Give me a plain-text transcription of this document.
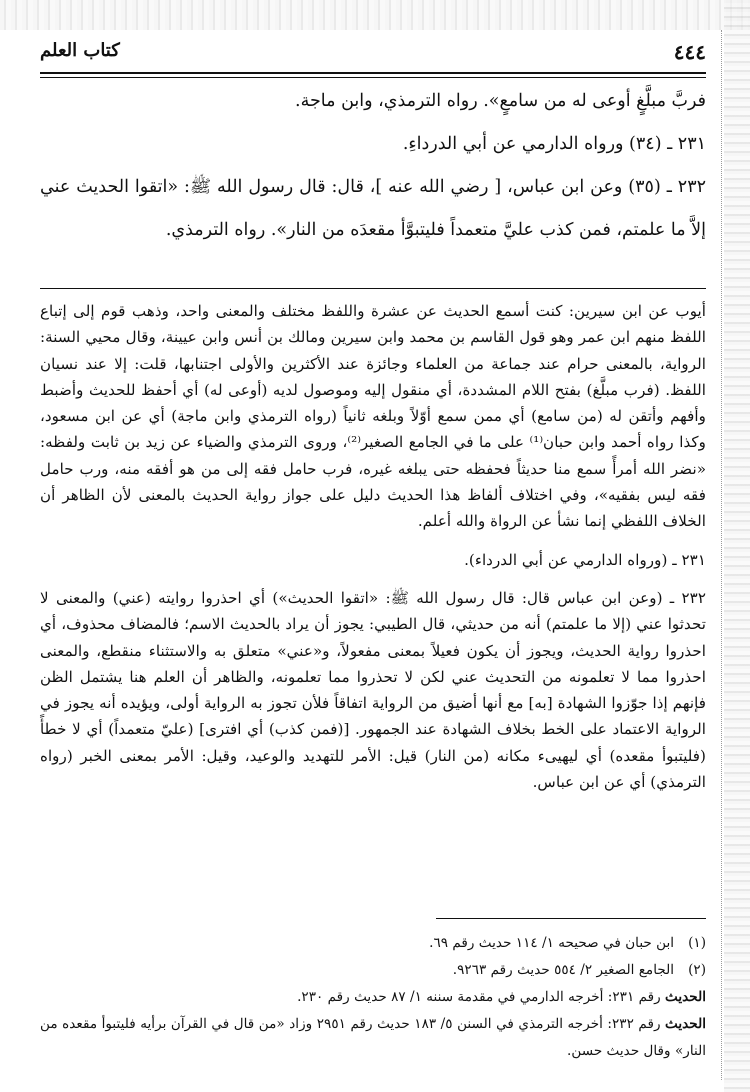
٤٤٤
كتاب العلم

فربَّ مبلَّغٍ أوعى له من سامعٍ». رواه الترمذي، وابن ماجة.

٢٣١ ـ (٣٤) ورواه الدارمي عن أبي الدرداءِ.

٢٣٢ ـ (٣٥) وعن ابن عباس، [ رضي الله عنه ]، قال: قال رسول الله ﷺ: «اتقوا الحديث عني إلاَّ ما علمتم، فمن كذب عليَّ متعمداً فليتبوَّأ مقعدَه من النار». رواه الترمذي.

أيوب عن ابن سيرين: كنت أسمع الحديث عن عشرة واللفظ مختلف والمعنى واحد، وذهب قوم إلى إتباع اللفظ منهم ابن عمر وهو قول القاسم بن محمد وابن سيرين ومالك بن أنس وابن عيينة، وقال محيي السنة: الرواية، بالمعنى حرام عند جماعة من العلماء وجائزة عند الأكثرين والأولى اجتنابها، قلت: إلا عند نسيان اللفظ. (فرب مبلَّغ) بفتح اللام المشددة، أي منقول إليه وموصول لديه (أوعى له) أي أحفظ للحديث وأضبط وأفهم وأتقن له (من سامع) أي ممن سمع أوّلاً وبلغه ثانياً (رواه الترمذي وابن ماجة) أي عن ابن مسعود، وكذا رواه أحمد وابن حبان⁽¹⁾ على ما في الجامع الصغير⁽²⁾، وروى الترمذي والضياء عن زيد بن ثابت ولفظه: «نضر الله أمرأً سمع منا حديثاً فحفظه حتى يبلغه غيره، فرب حامل فقه إلى من هو أفقه منه، ورب حامل فقه ليس بفقيه»، وفي اختلاف ألفاظ هذا الحديث دليل على جواز رواية الحديث بالمعنى لأن الظاهر أن الخلاف اللفظي إنما نشأ عن الرواة والله أعلم.

٢٣١ ـ (ورواه الدارمي عن أبي الدرداء).

٢٣٢ ـ (وعن ابن عباس قال: قال رسول الله ﷺ: «اتقوا الحديث») أي احذروا روايته (عني) والمعنى لا تحدثوا عني (إلا ما علمتم) أنه من حديثي، قال الطيبي: يجوز أن يراد بالحديث الاسم؛ فالمضاف محذوف، أي احذروا رواية الحديث، ويجوز أن يكون فعيلاً بمعنى مفعولاً، و«عني» متعلق به والاستثناء منقطع، والمعنى احذروا مما لا تعلمونه من التحديث عني لكن لا تحذروا مما تعلمونه، والظاهر أن العلم هنا يشتمل الظن فإنهم إذا جوّزوا الشهادة [به] مع أنها أضيق من الرواية اتفاقاً فلأن تجوز به الرواية أولى، ويؤيده أنه يجوز في الرواية الاعتماد على الخط بخلاف الشهادة عند الجمهور. [(فمن كذب) أي افترى] (عليّ متعمداً) أي لا خطأً (فليتبوأ مقعده) أي ليهيىء مكانه (من النار) قيل: الأمر للتهديد والوعيد، وقيل: الأمر بمعنى الخبر (رواه الترمذي) أي عن ابن عباس.

(١)
ابن حبان في صحيحه ١/ ١١٤ حديث رقم ٦٩.
(٢)
الجامع الصغير ٢/ ٥٥٤ حديث رقم ٩٢٦٣.
الحديث رقم ٢٣١: أخرجه الدارمي في مقدمة سننه ١/ ٨٧ حديث رقم ٢٣٠.
الحديث رقم ٢٣٢: أخرجه الترمذي في السنن ٥/ ١٨٣ حديث رقم ٢٩٥١ وزاد «من قال في القرآن برأيه فليتبوأ مقعده من النار» وقال حديث حسن.
